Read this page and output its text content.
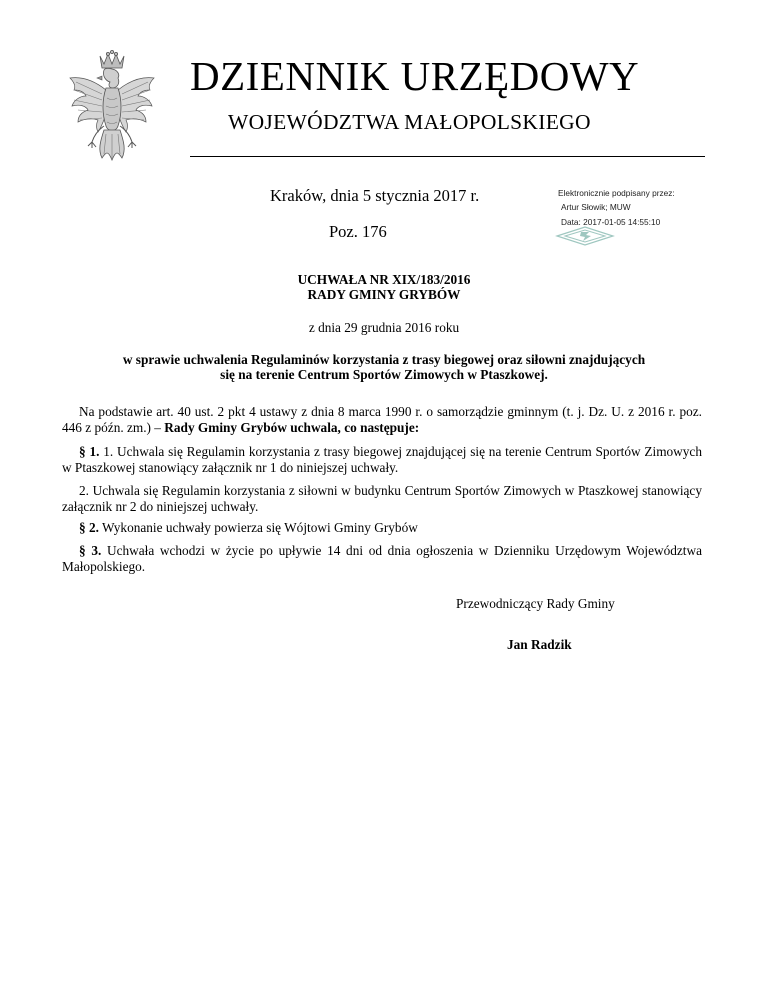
DZIENNIK URZĘDOWY
WOJEWÓDZTWA MAŁOPOLSKIEGO
Kraków, dnia 5 stycznia 2017 r.
Poz. 176
Elektronicznie podpisany przez:
Artur Słowik; MUW
Data: 2017-01-05 14:55:10
UCHWAŁA NR XIX/183/2016
RADY GMINY GRYBÓW
z dnia 29 grudnia 2016 roku
w sprawie uchwalenia Regulaminów korzystania z trasy biegowej oraz siłowni znajdujących
się na terenie Centrum Sportów Zimowych w Ptaszkowej.

Na podstawie art. 40 ust. 2 pkt 4 ustawy z dnia 8 marca 1990 r. o samorządzie gminnym (t. j. Dz. U. z 2016 r. poz. 446 z późn. zm.) – Rady Gminy Grybów uchwala, co następuje:

§ 1. 1. Uchwala się Regulamin korzystania z trasy biegowej znajdującej się na terenie Centrum Sportów Zimowych w Ptaszkowej stanowiący załącznik nr 1 do niniejszej uchwały.

2. Uchwala się Regulamin korzystania z siłowni w budynku Centrum Sportów Zimowych w Ptaszkowej stanowiący załącznik nr 2 do niniejszej uchwały.

§ 2. Wykonanie uchwały powierza się Wójtowi Gminy Grybów

§ 3. Uchwała wchodzi w życie po upływie 14 dni od dnia ogłoszenia w Dzienniku Urzędowym Województwa Małopolskiego.

Przewodniczący Rady Gminy
Jan Radzik
